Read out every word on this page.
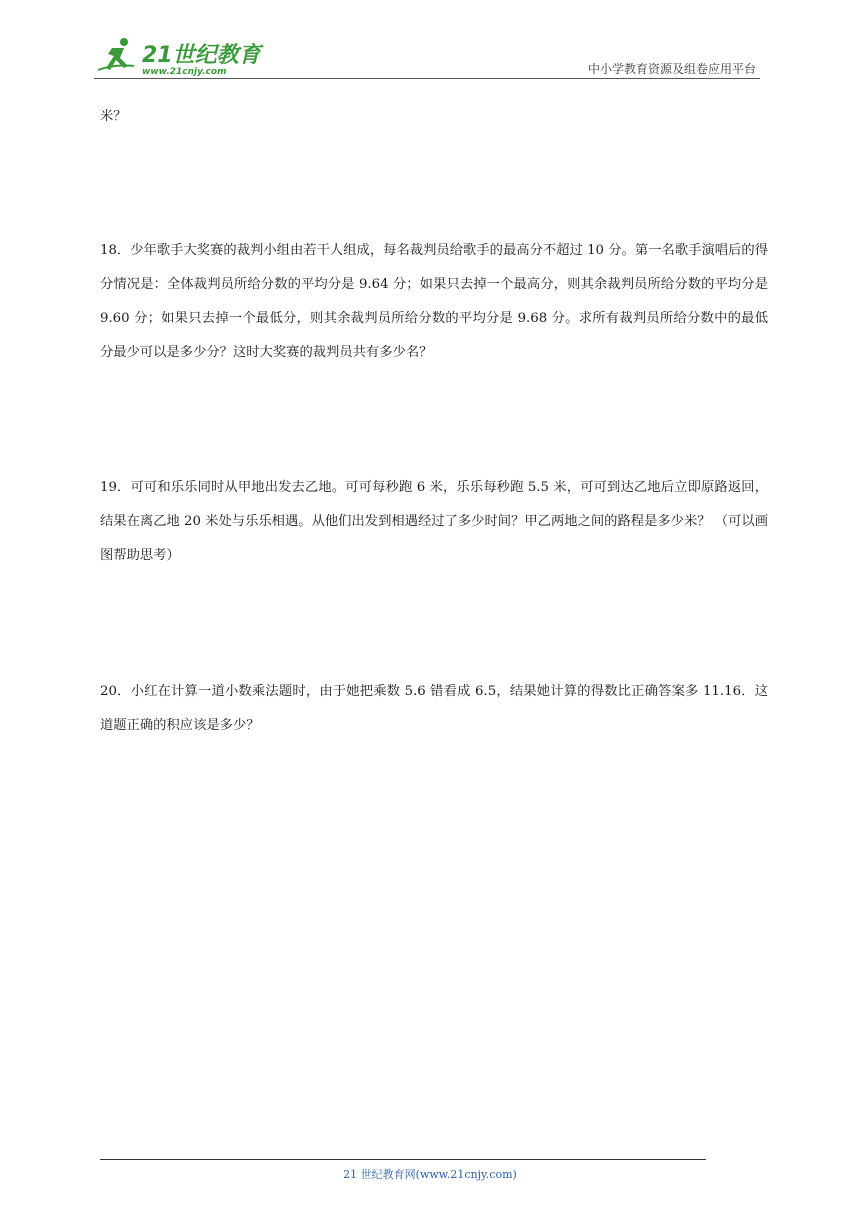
21世纪教育
www.21cnjy.com	中小学教育资源及组卷应用平台

米？

18．少年歌手大奖赛的裁判小组由若干人组成，每名裁判员给歌手的最高分不超过 10 分。第一名歌手演唱后的得分情况是：全体裁判员所给分数的平均分是 9.64 分；如果只去掉一个最高分，则其余裁判员所给分数的平均分是 9.60 分；如果只去掉一个最低分，则其余裁判员所给分数的平均分是 9.68 分。求所有裁判员所给分数中的最低分最少可以是多少分？这时大奖赛的裁判员共有多少名？

19．可可和乐乐同时从甲地出发去乙地。可可每秒跑 6 米，乐乐每秒跑 5.5 米，可可到达乙地后立即原路返回，结果在离乙地 20 米处与乐乐相遇。从他们出发到相遇经过了多少时间？甲乙两地之间的路程是多少米？ （可以画图帮助思考）

20．小红在计算一道小数乘法题时，由于她把乘数 5.6 错看成 6.5，结果她计算的得数比正确答案多 11.16．这道题正确的积应该是多少？

21 世纪教育网(www.21cnjy.com)
